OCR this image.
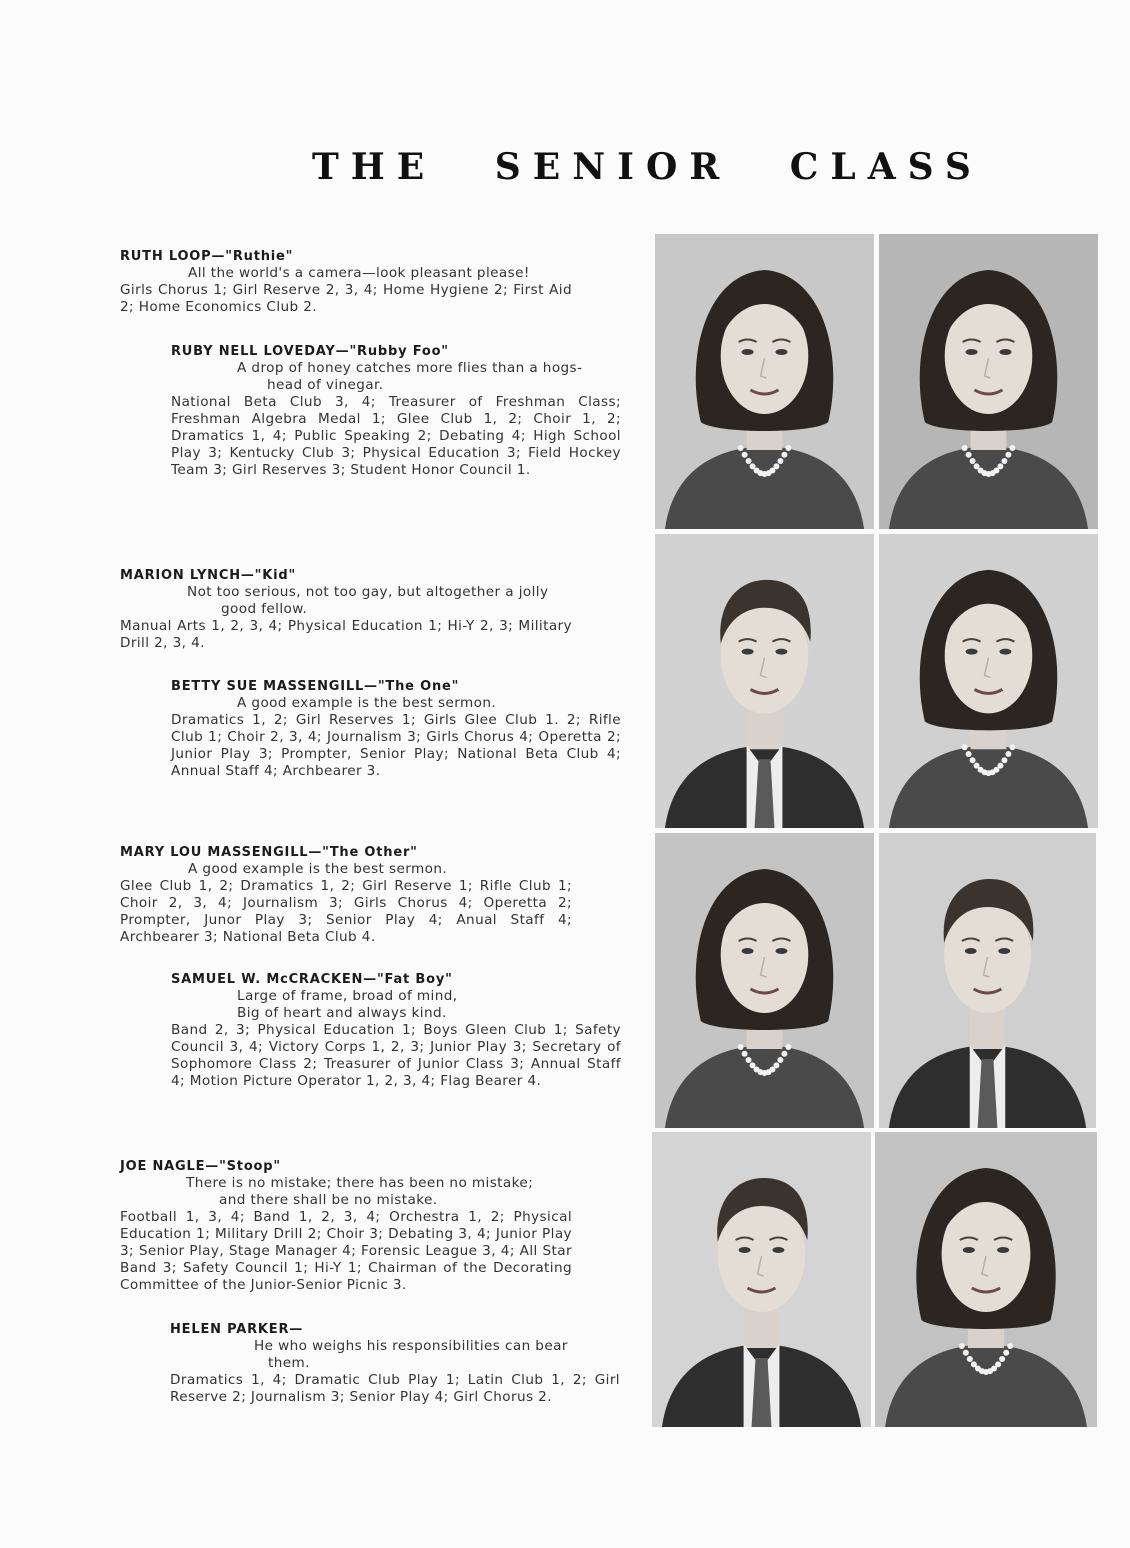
THE SENIOR CLASS
RUTH LOOP—"Ruthie"
All the world's a camera—look pleasant please!
Girls Chorus 1; Girl Reserve 2, 3, 4; Home Hygiene 2; First Aid 2; Home Economics Club 2.
RUBY NELL LOVEDAY—"Rubby Foo"
A drop of honey catches more flies than a hogs-
head of vinegar.
National Beta Club 3, 4; Treasurer of Freshman Class; Freshman Algebra Medal 1; Glee Club 1, 2; Choir 1, 2; Dramatics 1, 4; Public Speaking 2; Debating 4; High School Play 3; Kentucky Club 3; Physical Education 3; Field Hockey Team 3; Girl Reserves 3; Student Honor Council 1.
MARION LYNCH—"Kid"
Not too serious, not too gay, but altogether a jolly
good fellow.
Manual Arts 1, 2, 3, 4; Physical Education 1; Hi-Y 2, 3; Military Drill 2, 3, 4.
BETTY SUE MASSENGILL—"The One"
A good example is the best sermon.
Dramatics 1, 2; Girl Reserves 1; Girls Glee Club 1. 2; Rifle Club 1; Choir 2, 3, 4; Journalism 3; Girls Chorus 4; Operetta 2; Junior Play 3; Prompter, Senior Play; National Beta Club 4; Annual Staff 4; Archbearer 3.
MARY LOU MASSENGILL—"The Other"
A good example is the best sermon.
Glee Club 1, 2; Dramatics 1, 2; Girl Reserve 1; Rifle Club 1; Choir 2, 3, 4; Journalism 3; Girls Chorus 4; Operetta 2; Prompter, Junor Play 3; Senior Play 4; Anual Staff 4; Archbearer 3; National Beta Club 4.
SAMUEL W. McCRACKEN—"Fat Boy"
Large of frame, broad of mind,
Big of heart and always kind.
Band 2, 3; Physical Education 1; Boys Gleen Club 1; Safety Council 3, 4; Victory Corps 1, 2, 3; Junior Play 3; Secretary of Sophomore Class 2; Treasurer of Junior Class 3; Annual Staff 4; Motion Picture Operator 1, 2, 3, 4; Flag Bearer 4.
JOE NAGLE—"Stoop"
There is no mistake; there has been no mistake;
and there shall be no mistake.
Football 1, 3, 4; Band 1, 2, 3, 4; Orchestra 1, 2; Physical Education 1; Military Drill 2; Choir 3; Debating 3, 4; Junior Play 3; Senior Play, Stage Manager 4; Forensic League 3, 4; All Star Band 3; Safety Council 1; Hi-Y 1; Chairman of the Decorating Committee of the Junior-Senior Picnic 3.
HELEN PARKER—
He who weighs his responsibilities can bear
them.
Dramatics 1, 4; Dramatic Club Play 1; Latin Club 1, 2; Girl Reserve 2; Journalism 3; Senior Play 4; Girl Chorus 2.
